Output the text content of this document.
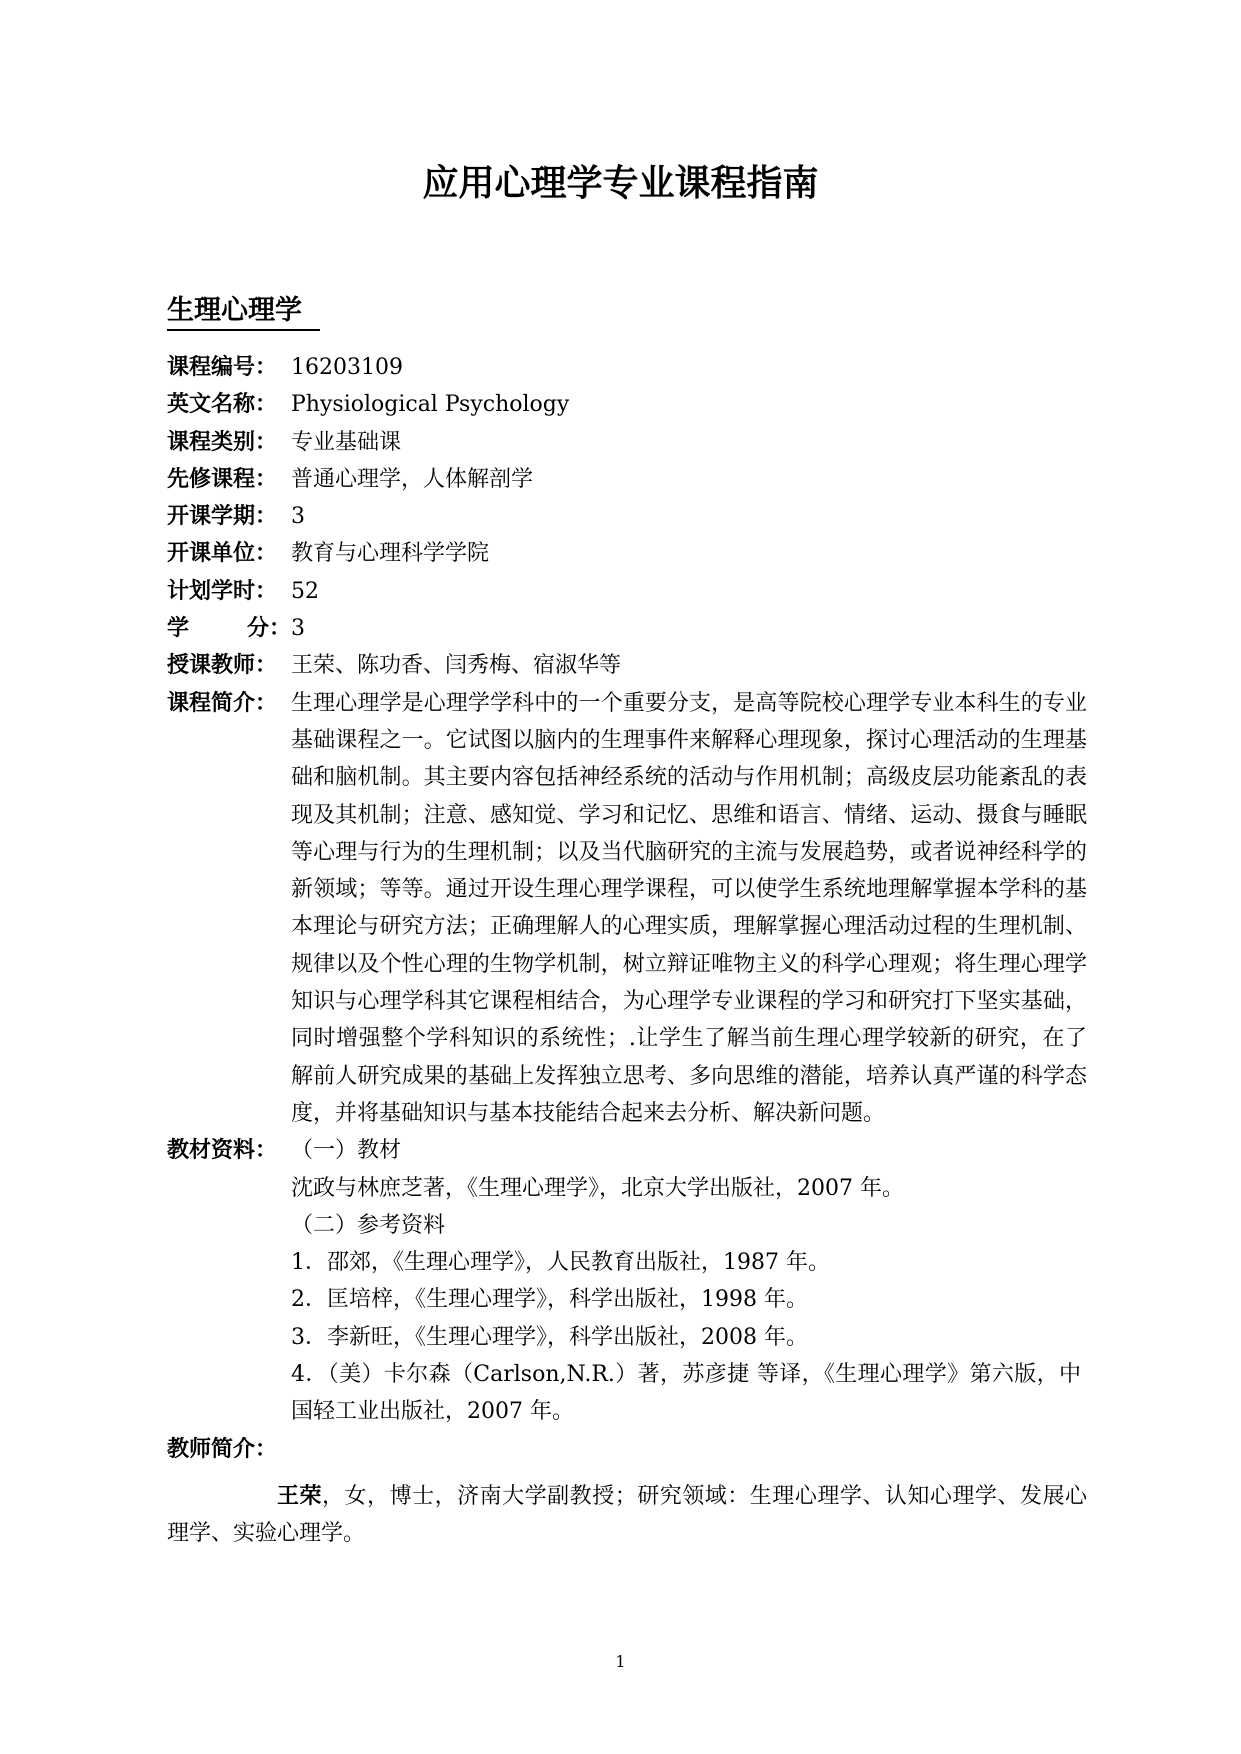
应用心理学专业课程指南
生理心理学
课程编号： 16203109
英文名称： Physiological Psychology
课程类别： 专业基础课
先修课程： 普通心理学，人体解剖学
开课学期： 3
开课单位： 教育与心理科学学院
计划学时： 52
学	分： 3
授课教师： 王荣、陈功香、闫秀梅、宿淑华等
课程简介： 生理心理学是心理学学科中的一个重要分支，是高等院校心理学专业本科生的专业基础课程之一。它试图以脑内的生理事件来解释心理现象，探讨心理活动的生理基础和脑机制。其主要内容包括神经系统的活动与作用机制；高级皮层功能紊乱的表现及其机制；注意、感知觉、学习和记忆、思维和语言、情绪、运动、摄食与睡眠等心理与行为的生理机制；以及当代脑研究的主流与发展趋势，或者说神经科学的新领域；等等。通过开设生理心理学课程，可以使学生系统地理解掌握本学科的基本理论与研究方法；正确理解人的心理实质，理解掌握心理活动过程的生理机制、规律以及个性心理的生物学机制，树立辩证唯物主义的科学心理观；将生理心理学知识与心理学科其它课程相结合，为心理学专业课程的学习和研究打下坚实基础，同时增强整个学科知识的系统性；.让学生了解当前生理心理学较新的研究，在了解前人研究成果的基础上发挥独立思考、多向思维的潜能，培养认真严谨的科学态度，并将基础知识与基本技能结合起来去分析、解决新问题。
教材资料： （一）教材
沈政与林庶芝著，《生理心理学》，北京大学出版社，2007 年。
（二）参考资料
1．邵郊，《生理心理学》，人民教育出版社，1987 年。
2．匡培梓，《生理心理学》，科学出版社，1998 年。
3．李新旺，《生理心理学》，科学出版社，2008 年。
4．（美）卡尔森（Carlson,N.R.）著，苏彦捷 等译，《生理心理学》第六版，中国轻工业出版社，2007 年。
教师简介：
王荣，女，博士，济南大学副教授；研究领域：生理心理学、认知心理学、发展心理学、实验心理学。
1
